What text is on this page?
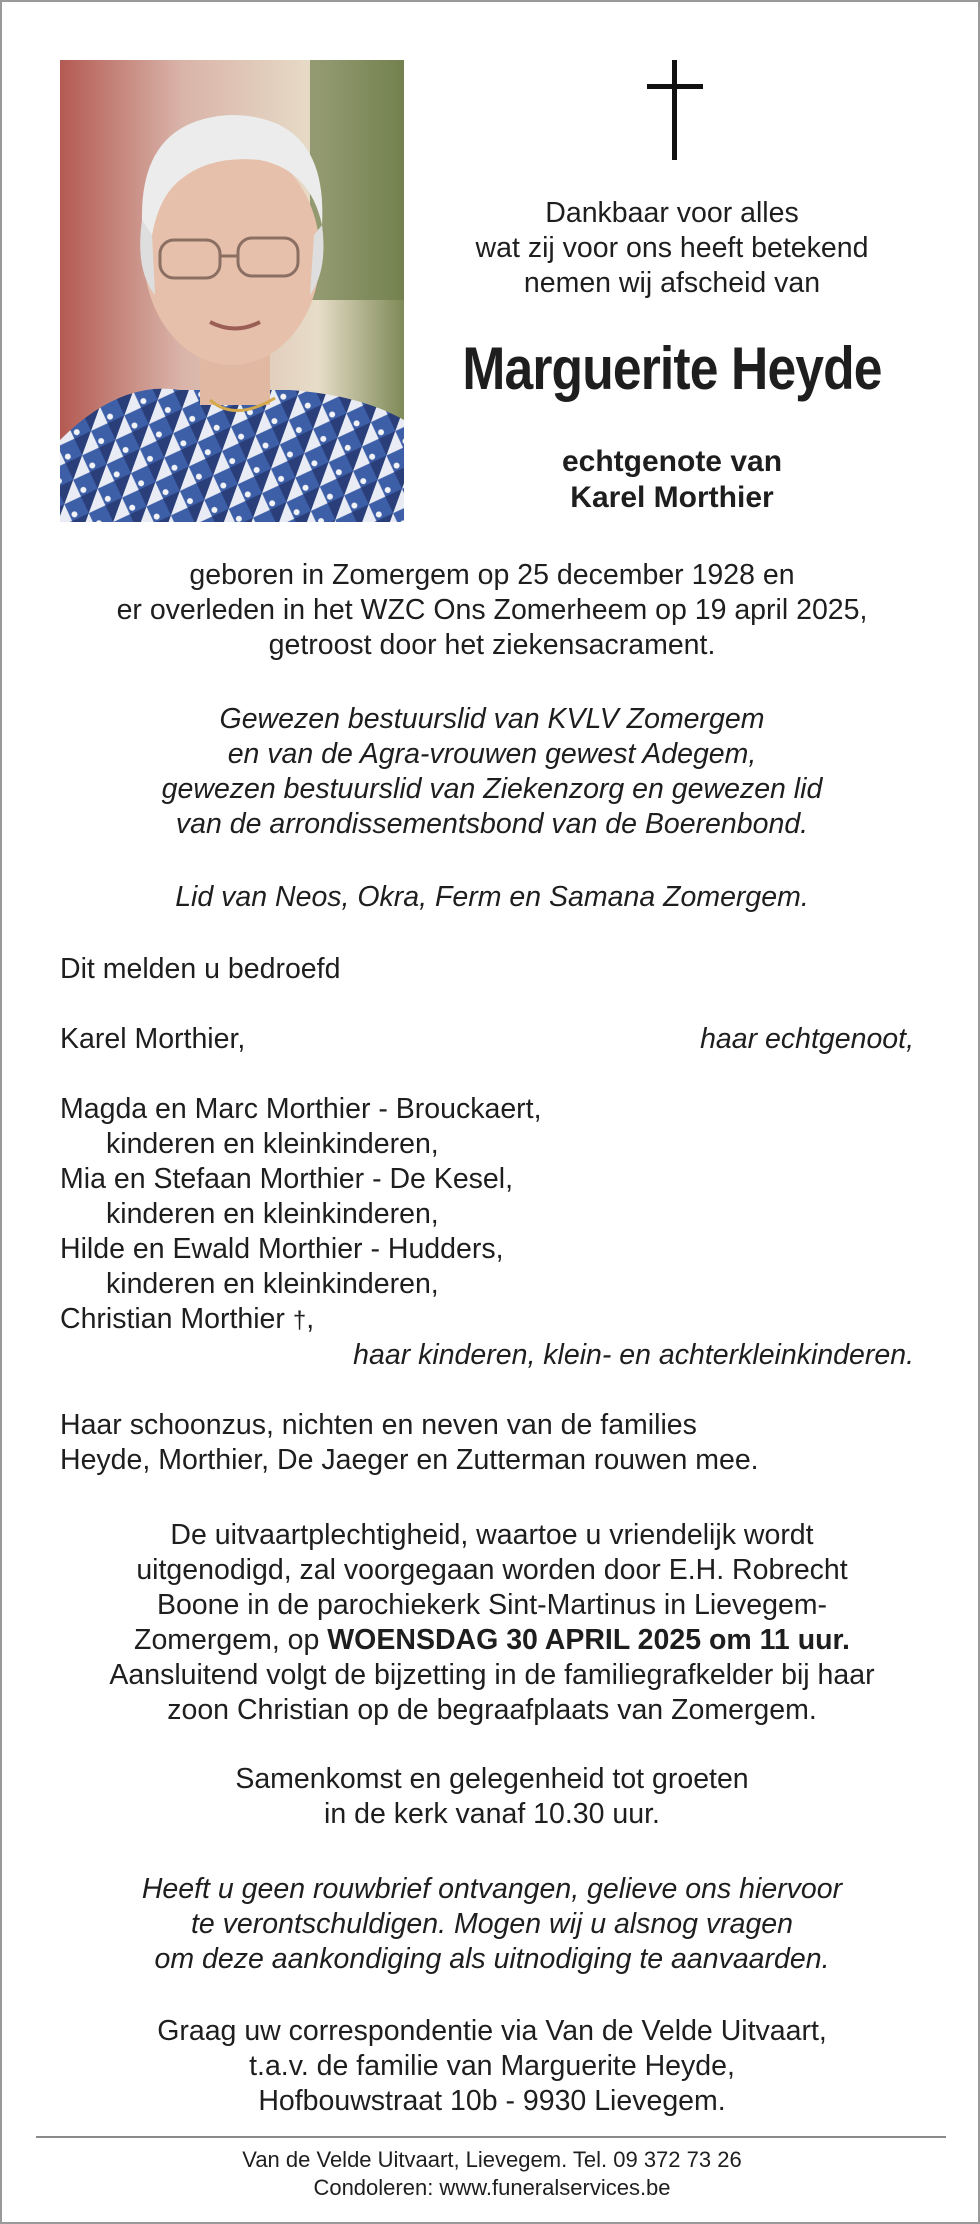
Dankbaar voor alles
wat zij voor ons heeft betekend
nemen wij afscheid van
Marguerite Heyde
echtgenote van
Karel Morthier
geboren in Zomergem op 25 december 1928 en
er overleden in het WZC Ons Zomerheem op 19 april 2025,
getroost door het ziekensacrament.
Gewezen bestuurslid van KVLV Zomergem
en van de Agra-vrouwen gewest Adegem,
gewezen bestuurslid van Ziekenzorg en gewezen lid
van de arrondissementsbond van de Boerenbond.
Lid van Neos, Okra, Ferm en Samana Zomergem.
Dit melden u bedroefd
Karel Morthier,	haar echtgenoot,
Magda en Marc Morthier - Brouckaert,
kinderen en kleinkinderen,
Mia en Stefaan Morthier - De Kesel,
kinderen en kleinkinderen,
Hilde en Ewald Morthier - Hudders,
kinderen en kleinkinderen,
Christian Morthier †,
haar kinderen, klein- en achterkleinkinderen.
Haar schoonzus, nichten en neven van de families
Heyde, Morthier, De Jaeger en Zutterman rouwen mee.
De uitvaartplechtigheid, waartoe u vriendelijk wordt
uitgenodigd, zal voorgegaan worden door E.H. Robrecht
Boone in de parochiekerk Sint-Martinus in Lievegem-
Zomergem, op WOENSDAG 30 APRIL 2025 om 11 uur.
Aansluitend volgt de bijzetting in de familiegrafkelder bij haar
zoon Christian op de begraafplaats van Zomergem.
Samenkomst en gelegenheid tot groeten
in de kerk vanaf 10.30 uur.
Heeft u geen rouwbrief ontvangen, gelieve ons hiervoor
te verontschuldigen. Mogen wij u alsnog vragen
om deze aankondiging als uitnodiging te aanvaarden.
Graag uw correspondentie via Van de Velde Uitvaart,
t.a.v. de familie van Marguerite Heyde,
Hofbouwstraat 10b - 9930 Lievegem.
Van de Velde Uitvaart, Lievegem. Tel. 09 372 73 26
Condoleren: www.funeralservices.be
